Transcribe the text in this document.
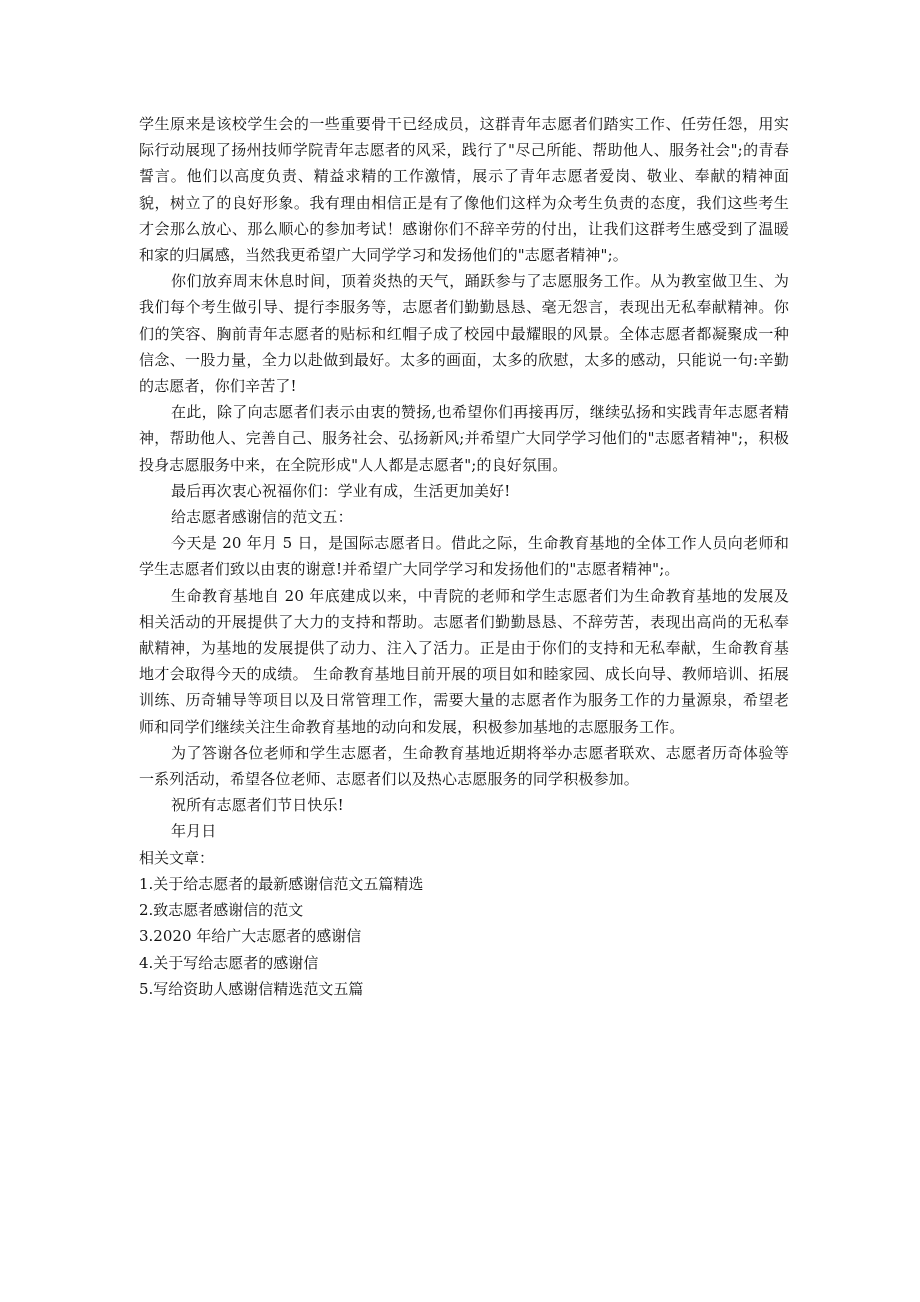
学生原来是该校学生会的一些重要骨干已经成员，这群青年志愿者们踏实工作、任劳任怨，用实际行动展现了扬州技师学院青年志愿者的风采，践行了"尽己所能、帮助他人、服务社会";的青春誓言。他们以高度负责、精益求精的工作激情，展示了青年志愿者爱岗、敬业、奉献的精神面貌，树立了的良好形象。我有理由相信正是有了像他们这样为众考生负责的态度，我们这些考生才会那么放心、那么顺心的参加考试！感谢你们不辞辛劳的付出，让我们这群考生感受到了温暖和家的归属感，当然我更希望广大同学学习和发扬他们的"志愿者精神";。

你们放弃周末休息时间，顶着炎热的天气，踊跃参与了志愿服务工作。从为教室做卫生、为我们每个考生做引导、提行李服务等，志愿者们勤勤恳恳、毫无怨言，表现出无私奉献精神。你们的笑容、胸前青年志愿者的贴标和红帽子成了校园中最耀眼的风景。全体志愿者都凝聚成一种信念、一股力量，全力以赴做到最好。太多的画面，太多的欣慰，太多的感动，只能说一句:辛勤的志愿者，你们辛苦了!

在此，除了向志愿者们表示由衷的赞扬,也希望你们再接再厉，继续弘扬和实践青年志愿者精神，帮助他人、完善自己、服务社会、弘扬新风;并希望广大同学学习他们的"志愿者精神";，积极投身志愿服务中来，在全院形成"人人都是志愿者";的良好氛围。

最后再次衷心祝福你们：学业有成，生活更加美好!

给志愿者感谢信的范文五：

今天是 20 年月 5 日，是国际志愿者日。借此之际，生命教育基地的全体工作人员向老师和学生志愿者们致以由衷的谢意!并希望广大同学学习和发扬他们的"志愿者精神";。

生命教育基地自 20 年底建成以来，中青院的老师和学生志愿者们为生命教育基地的发展及相关活动的开展提供了大力的支持和帮助。志愿者们勤勤恳恳、不辞劳苦，表现出高尚的无私奉献精神，为基地的发展提供了动力、注入了活力。正是由于你们的支持和无私奉献，生命教育基地才会取得今天的成绩。 生命教育基地目前开展的项目如和睦家园、成长向导、教师培训、拓展训练、历奇辅导等项目以及日常管理工作，需要大量的志愿者作为服务工作的力量源泉，希望老师和同学们继续关注生命教育基地的动向和发展，积极参加基地的志愿服务工作。

为了答谢各位老师和学生志愿者，生命教育基地近期将举办志愿者联欢、志愿者历奇体验等一系列活动，希望各位老师、志愿者们以及热心志愿服务的同学积极参加。

祝所有志愿者们节日快乐!

年月日

相关文章：

1.关于给志愿者的最新感谢信范文五篇精选
2.致志愿者感谢信的范文
3.2020 年给广大志愿者的感谢信
4.关于写给志愿者的感谢信
5.写给资助人感谢信精选范文五篇
